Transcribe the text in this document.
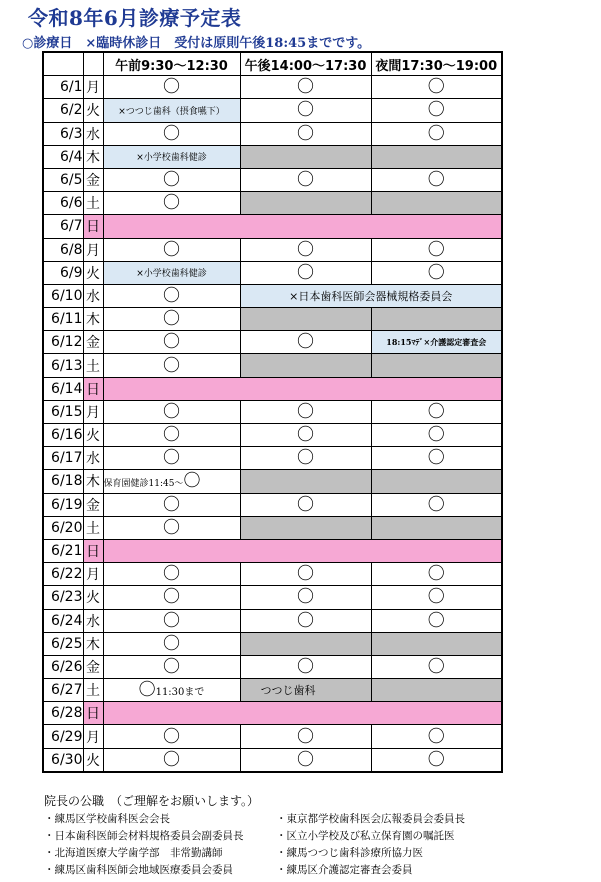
令和8年6月診療予定表
○診療日　×臨時休診日　受付は原則午後18:45までです。
		午前9:30～12:30	午後14:00～17:30	夜間17:30～19:00
6/1	月	〇	〇	〇
6/2	火	×つつじ歯科（摂食嚥下）	〇	〇
6/3	水	〇	〇	〇
6/4	木	×小学校歯科健診		
6/5	金	〇	〇	〇
6/6	土	〇		
6/7	日			
6/8	月	〇	〇	〇
6/9	火	×小学校歯科健診	〇	〇
6/10	水	〇	×日本歯科医師会器械規格委員会	
6/11	木	〇		
6/12	金	〇	〇	18:15ﾏﾃﾞ×介護認定審査会
6/13	土	〇		
6/14	日			
6/15	月	〇	〇	〇
6/16	火	〇	〇	〇
6/17	水	〇	〇	〇
6/18	木	保育園健診11:45～〇		
6/19	金	〇	〇	〇
6/20	土	〇		
6/21	日			
6/22	月	〇	〇	〇
6/23	火	〇	〇	〇
6/24	水	〇	〇	〇
6/25	木	〇		
6/26	金	〇	〇	〇
6/27	土	〇11:30まで	つつじ歯科	
6/28	日			
6/29	月	〇	〇	〇
6/30	火	〇	〇	〇
院長の公職　（ご理解をお願いします。）
・練馬区学校歯科医会会長	・東京都学校歯科医会広報委員会委員長
・日本歯科医師会材料規格委員会副委員長	・区立小学校及び私立保育園の嘱託医
・北海道医療大学歯学部　非常勤講師	・練馬つつじ歯科診療所協力医
・練馬区歯科医師会地域医療委員会委員	・練馬区介護認定審査会委員
